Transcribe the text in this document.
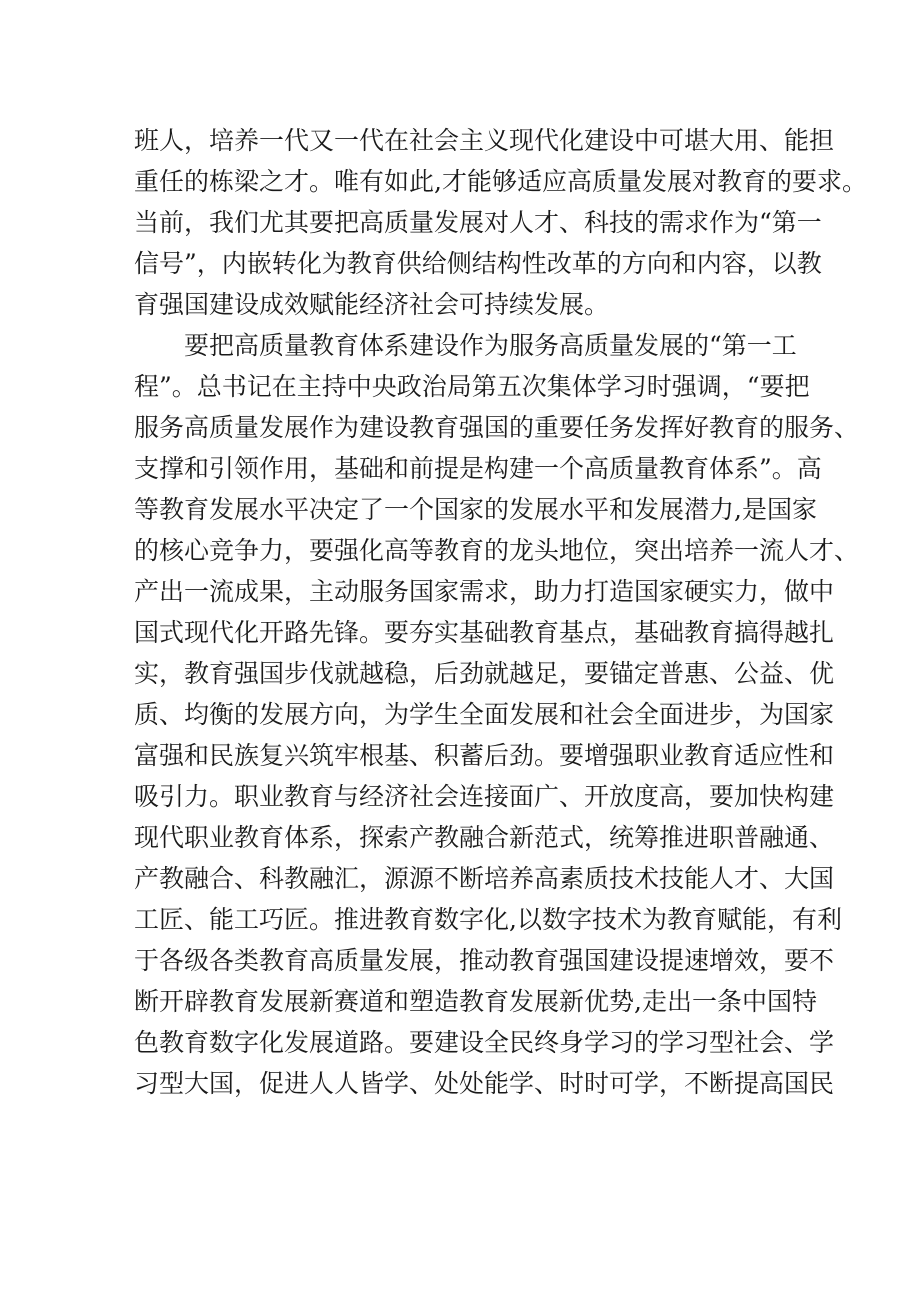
班人，培养一代又一代在社会主义现代化建设中可堪大用、能担
重任的栋梁之才。唯有如此,才能够适应高质量发展对教育的要求。
当前，我们尤其要把高质量发展对人才、科技的需求作为“第一
信号”，内嵌转化为教育供给侧结构性改革的方向和内容，以教
育强国建设成效赋能经济社会可持续发展。
要把高质量教育体系建设作为服务高质量发展的“第一工
程”。总书记在主持中央政治局第五次集体学习时强调，“要把
服务高质量发展作为建设教育强国的重要任务发挥好教育的服务、
支撑和引领作用，基础和前提是构建一个高质量教育体系”。高
等教育发展水平决定了一个国家的发展水平和发展潜力,是国家
的核心竞争力，要强化高等教育的龙头地位，突出培养一流人才、
产出一流成果，主动服务国家需求，助力打造国家硬实力，做中
国式现代化开路先锋。要夯实基础教育基点，基础教育搞得越扎
实，教育强国步伐就越稳，后劲就越足，要锚定普惠、公益、优
质、均衡的发展方向，为学生全面发展和社会全面进步，为国家
富强和民族复兴筑牢根基、积蓄后劲。要增强职业教育适应性和
吸引力。职业教育与经济社会连接面广、开放度高，要加快构建
现代职业教育体系，探索产教融合新范式，统筹推进职普融通、
产教融合、科教融汇，源源不断培养高素质技术技能人才、大国
工匠、能工巧匠。推进教育数字化,以数字技术为教育赋能，有利
于各级各类教育高质量发展，推动教育强国建设提速增效，要不
断开辟教育发展新赛道和塑造教育发展新优势,走出一条中国特
色教育数字化发展道路。要建设全民终身学习的学习型社会、学
习型大国，促进人人皆学、处处能学、时时可学，不断提高国民
